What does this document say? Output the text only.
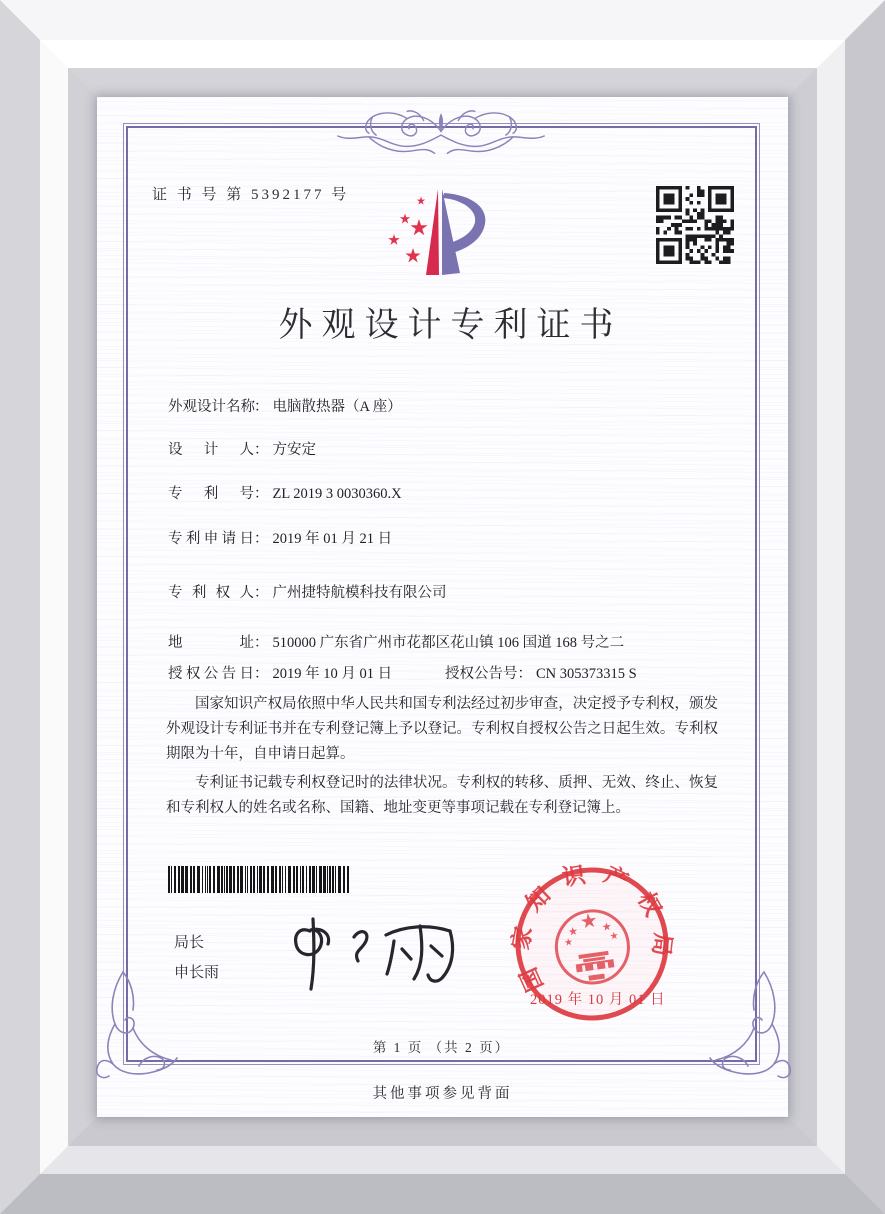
证 书 号 第 5392177 号
外观设计专利证书
外观设计名称： 电脑散热器（A 座）
设计人： 方安定
专利号： ZL 2019 3 0030360.X
专利申请日： 2019 年 01 月 21 日
专利权人： 广州捷特航模科技有限公司
地址： 510000 广东省广州市花都区花山镇 106 国道 168 号之二
授权公告日： 2019 年 10 月 01 日	授权公告号： CN 305373315 S

国家知识产权局依照中华人民共和国专利法经过初步审查，决定授予专利权，颁发外观设计专利证书并在专利登记簿上予以登记。专利权自授权公告之日起生效。专利权期限为十年，自申请日起算。

专利证书记载专利权登记时的法律状况。专利权的转移、质押、无效、终止、恢复和专利权人的姓名或名称、国籍、地址变更等事项记载在专利登记簿上。

局长
申长雨	国家知识产权局
2019 年 10 月 01 日
第 1 页 （共 2 页）
其他事项参见背面
